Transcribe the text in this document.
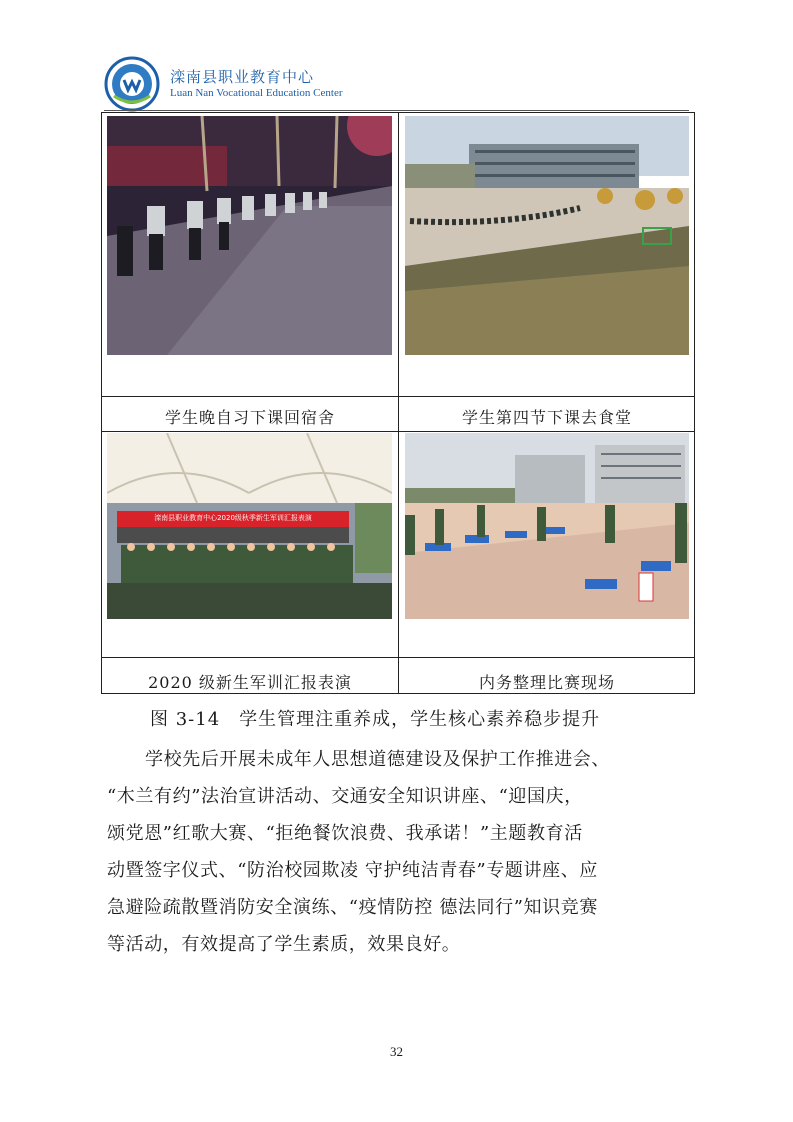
滦南县职业教育中心
Luan Nan Vocational Education Center
滦南县职业教育中心2020级秋季新生军训汇报表演
学生晚自习下课回宿舍	学生第四节下课去食堂
2020 级新生军训汇报表演	内务整理比赛现场
图 3-14　学生管理注重养成，学生核心素养稳步提升
学校先后开展未成年人思想道德建设及保护工作推进会、
“木兰有约”法治宣讲活动、交通安全知识讲座、“迎国庆，
颂党恩”红歌大赛、“拒绝餐饮浪费、我承诺！”主题教育活
动暨签字仪式、“防治校园欺凌 守护纯洁青春”专题讲座、应
急避险疏散暨消防安全演练、“疫情防控 德法同行”知识竞赛
等活动，有效提高了学生素质，效果良好。
32
